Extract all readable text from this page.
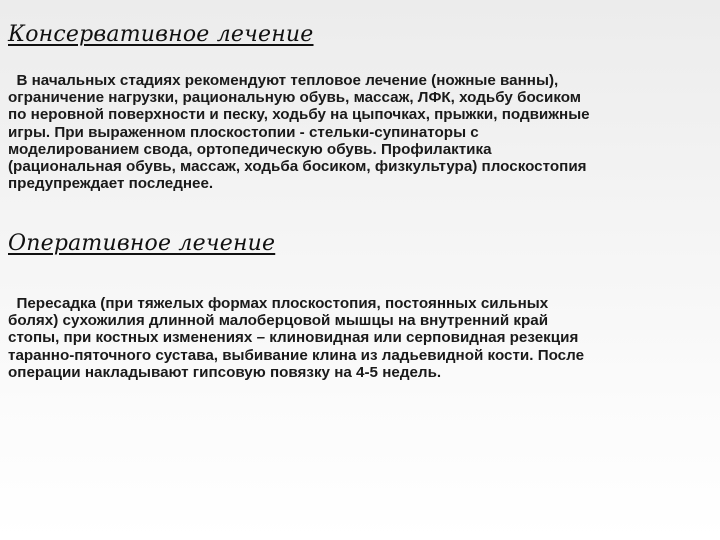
Консервативное лечение

В начальных стадиях рекомендуют тепловое лечение (ножные ванны),
ограничение нагрузки, рациональную обувь, массаж, ЛФК, ходьбу босиком
по неровной поверхности и песку, ходьбу на цыпочках, прыжки, подвижные
игры. При выраженном плоскостопии - стельки-супинаторы с
моделированием свода, ортопедическую обувь. Профилактика
(рациональная обувь, массаж, ходьба босиком, физкультура) плоскостопия
предупреждает последнее.

Оперативное лечение

Пересадка (при тяжелых формах плоскостопия, постоянных сильных
болях) сухожилия длинной малоберцовой мышцы на внутренний край
стопы, при костных изменениях – клиновидная или серповидная резекция
таранно-пяточного сустава, выбивание клина из ладьевидной кости. После
операции накладывают гипсовую повязку на 4-5 недель.
